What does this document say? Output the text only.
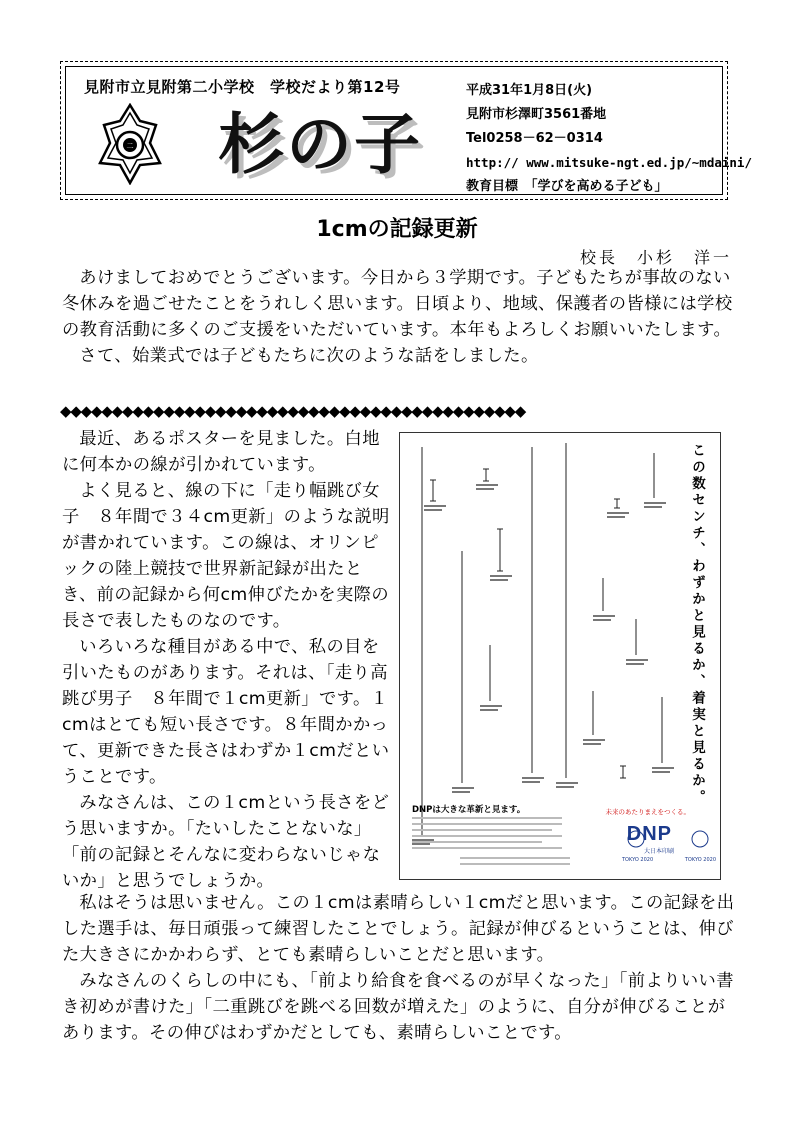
見附市立見附第二小学校　学校だより第12号
二 杉の子
平成31年1月8日(火)
見附市杉澤町3561番地
Tel0258－62－0314
http:// www.mitsuke-ngt.ed.jp/~mdaini/
教育目標　「学びを高める子ども」
1cmの記録更新
校長　小杉　洋一

あけましておめでとうございます。今日から３学期です。子どもたちが事故のない冬休みを過ごせたことをうれしく思います。日頃より、地域、保護者の皆様には学校の教育活動に多くのご支援をいただいています。本年もよろしくお願いいたします。

さて、始業式では子どもたちに次のような話をしました。

◆◆◆◆◆◆◆◆◆◆◆◆◆◆◆◆◆◆◆◆◆◆◆◆◆◆◆◆◆◆◆◆◆◆◆◆◆◆◆◆◆◆◆◆◆

最近、あるポスターを見ました。白地に何本かの線が引かれています。

よく見ると、線の下に「走り幅跳び女子　８年間で３４cm更新」のような説明が書かれています。この線は、オリンピックの陸上競技で世界新記録が出たとき、前の記録から何cm伸びたかを実際の長さで表したものなのです。

いろいろな種目がある中で、私の目を引いたものがあります。それは、「走り高跳び男子　８年間で１cm更新」です。１cmはとても短い長さです。８年間かかって、更新できた長さはわずか１cmだということです。

みなさんは、この１cmという長さをどう思いますか。「たいしたことないな」「前の記録とそんなに変わらないじゃないか」と思うでしょうか。

この数センチ、わずかと見るか、着実と見るか。
DNPは大きな革新と見ます。	未来のあたりまえをつくる。
DNP
大日本印刷
TOKYO 2020	TOKYO 2020

私はそうは思いません。この１cmは素晴らしい１cmだと思います。この記録を出した選手は、毎日頑張って練習したことでしょう。記録が伸びるということは、伸びた大きさにかかわらず、とても素晴らしいことだと思います。

みなさんのくらしの中にも、「前より給食を食べるのが早くなった」「前よりいい書き初めが書けた」「二重跳びを跳べる回数が増えた」のように、自分が伸びることがあります。その伸びはわずかだとしても、素晴らしいことです。
